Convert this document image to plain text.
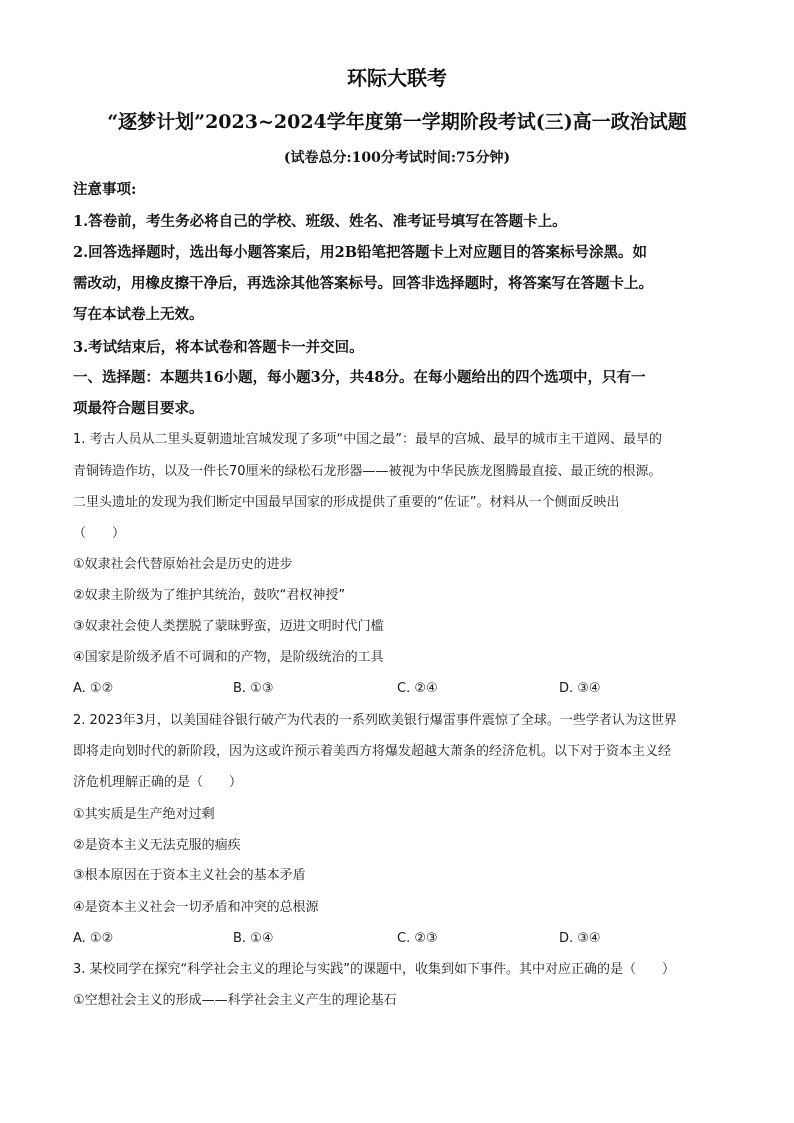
环际大联考
“逐梦计划”2023~2024学年度第一学期阶段考试(三)高一政治试题
(试卷总分:100分考试时间:75分钟)
注意事项:
1.答卷前，考生务必将自己的学校、班级、姓名、准考证号填写在答题卡上。
2.回答选择题时，选出每小题答案后，用2B铅笔把答题卡上对应题目的答案标号涂黑。如
需改动，用橡皮擦干净后，再选涂其他答案标号。回答非选择题时，将答案写在答题卡上。
写在本试卷上无效。
3.考试结束后，将本试卷和答题卡一并交回。
一、选择题：本题共16小题，每小题3分，共48分。在每小题给出的四个选项中，只有一
项最符合题目要求。
1. 考古人员从二里头夏朝遗址宫城发现了多项“中国之最”：最早的宫城、最早的城市主干道网、最早的
青铜铸造作坊，以及一件长70厘米的绿松石龙形器——被视为中华民族龙图腾最直接、最正统的根源。
二里头遗址的发现为我们断定中国最早国家的形成提供了重要的“佐证”。材料从一个侧面反映出
（　　）
①奴隶社会代替原始社会是历史的进步
②奴隶主阶级为了维护其统治，鼓吹“君权神授”
③奴隶社会使人类摆脱了蒙昧野蛮，迈进文明时代门槛
④国家是阶级矛盾不可调和的产物，是阶级统治的工具
A. ①②	B. ①③	C. ②④	D. ③④
2. 2023年3月，以美国硅谷银行破产为代表的一系列欧美银行爆雷事件震惊了全球。一些学者认为这世界
即将走向划时代的新阶段，因为这或许预示着美西方将爆发超越大萧条的经济危机。以下对于资本主义经
济危机理解正确的是（　　）
①其实质是生产绝对过剩
②是资本主义无法克服的痼疾
③根本原因在于资本主义社会的基本矛盾
④是资本主义社会一切矛盾和冲突的总根源
A. ①②	B. ①④	C. ②③	D. ③④
3. 某校同学在探究“科学社会主义的理论与实践”的课题中，收集到如下事件。其中对应正确的是（　　）
①空想社会主义的形成——科学社会主义产生的理论基石
